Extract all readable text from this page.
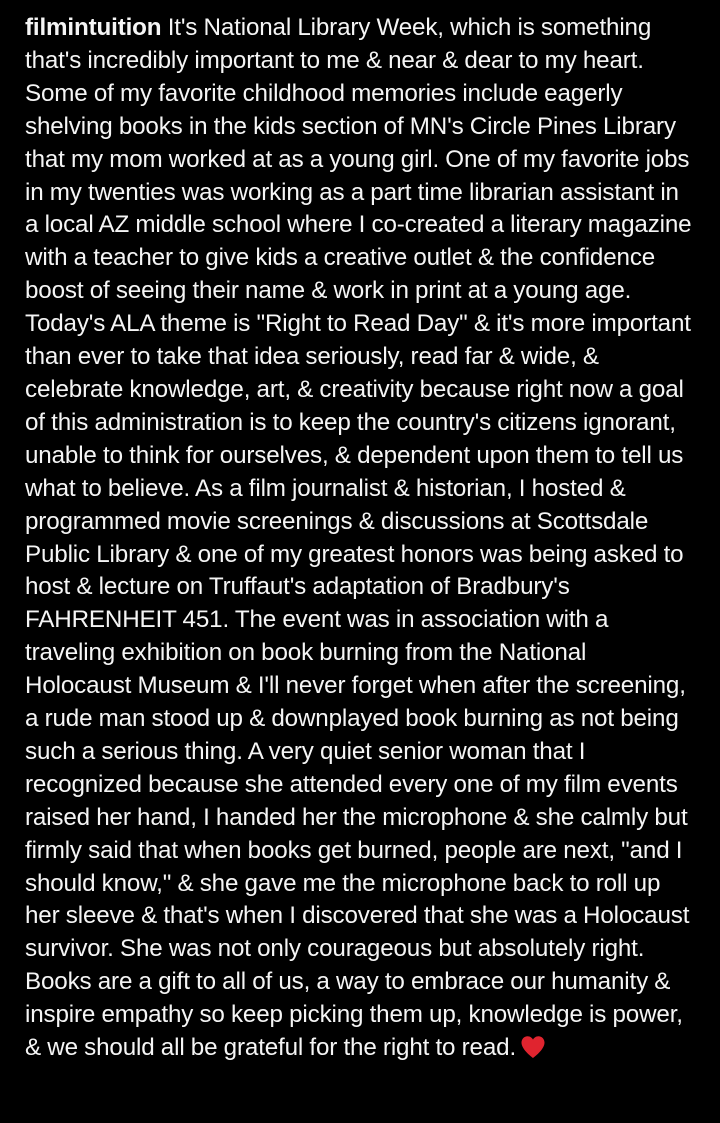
filmintuition It's National Library Week, which is something that's incredibly important to me & near & dear to my heart. Some of my favorite childhood memories include eagerly shelving books in the kids section of MN's Circle Pines Library that my mom worked at as a young girl. One of my favorite jobs in my twenties was working as a part time librarian assistant in a local AZ middle school where I co-created a literary magazine with a teacher to give kids a creative outlet & the confidence boost of seeing their name & work in print at a young age. Today's ALA theme is "Right to Read Day" & it's more important than ever to take that idea seriously, read far & wide, & celebrate knowledge, art, & creativity because right now a goal of this administration is to keep the country's citizens ignorant, unable to think for ourselves, & dependent upon them to tell us what to believe. As a film journalist & historian, I hosted & programmed movie screenings & discussions at Scottsdale Public Library & one of my greatest honors was being asked to host & lecture on Truffaut's adaptation of Bradbury's FAHRENHEIT 451. The event was in association with a traveling exhibition on book burning from the National Holocaust Museum & I'll never forget when after the screening, a rude man stood up & downplayed book burning as not being such a serious thing. A very quiet senior woman that I recognized because she attended every one of my film events raised her hand, I handed her the microphone & she calmly but firmly said that when books get burned, people are next, "and I should know," & she gave me the microphone back to roll up her sleeve & that's when I discovered that she was a Holocaust survivor. She was not only courageous but absolutely right. Books are a gift to all of us, a way to embrace our humanity & inspire empathy so keep picking them up, knowledge is power, & we should all be grateful for the right to read.
